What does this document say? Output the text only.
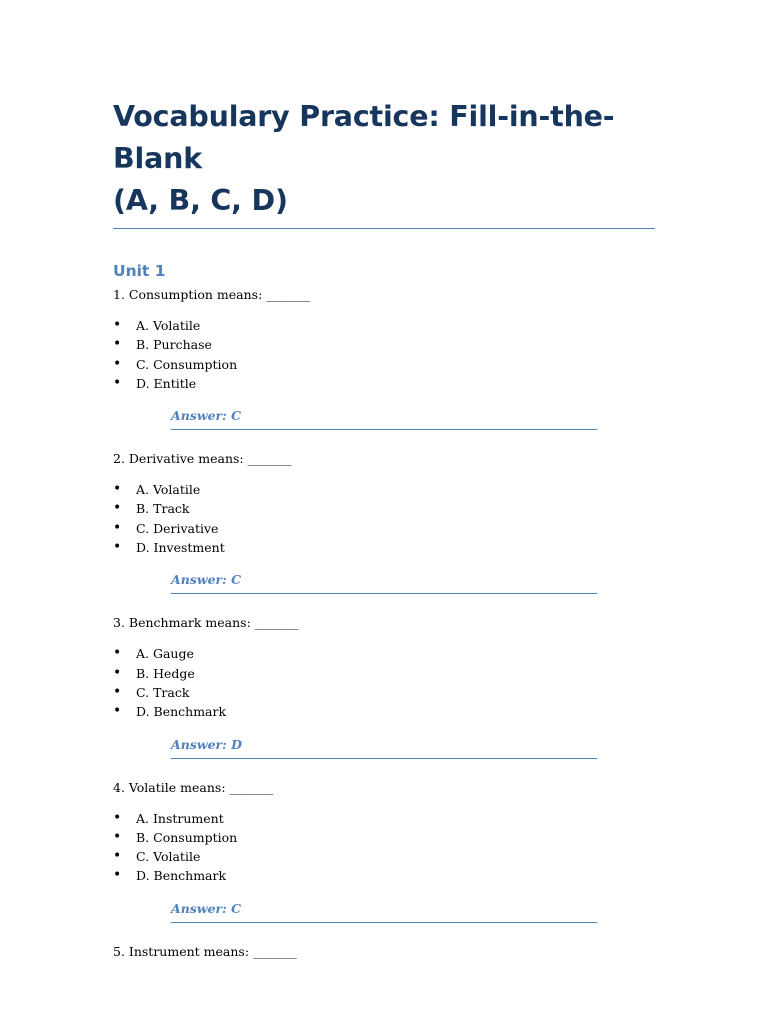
Vocabulary Practice: Fill-in-the-Blank
(A, B, C, D)
Unit 1

1. Consumption means: _______

• A. Volatile
• B. Purchase
• C. Consumption
• D. Entitle
Answer: C

2. Derivative means: _______

• A. Volatile
• B. Track
• C. Derivative
• D. Investment
Answer: C

3. Benchmark means: _______

• A. Gauge
• B. Hedge
• C. Track
• D. Benchmark
Answer: D

4. Volatile means: _______

• A. Instrument
• B. Consumption
• C. Volatile
• D. Benchmark
Answer: C

5. Instrument means: _______
